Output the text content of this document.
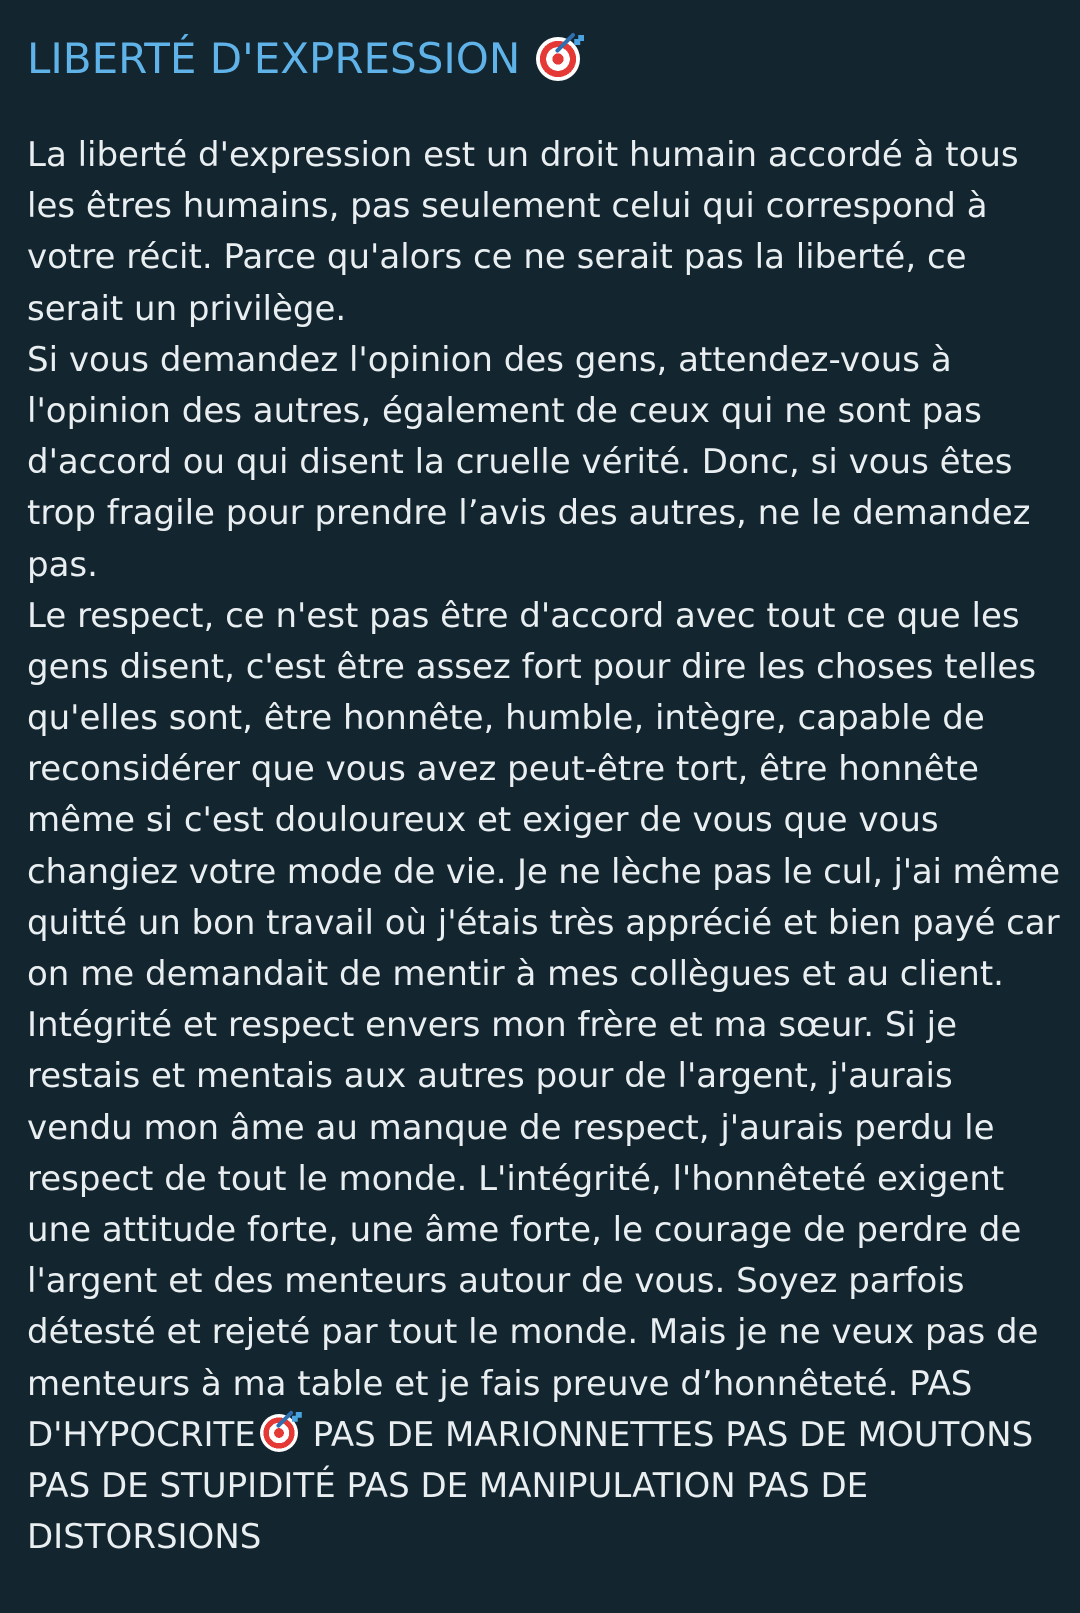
LIBERTÉ D'EXPRESSION

La liberté d'expression est un droit humain accordé à tous
les êtres humains, pas seulement celui qui correspond à
votre récit. Parce qu'alors ce ne serait pas la liberté, ce
serait un privilège.

Si vous demandez l'opinion des gens, attendez-vous à
l'opinion des autres, également de ceux qui ne sont pas
d'accord ou qui disent la cruelle vérité. Donc, si vous êtes
trop fragile pour prendre l’avis des autres, ne le demandez
pas.

Le respect, ce n'est pas être d'accord avec tout ce que les
gens disent, c'est être assez fort pour dire les choses telles
qu'elles sont, être honnête, humble, intègre, capable de
reconsidérer que vous avez peut-être tort, être honnête
même si c'est douloureux et exiger de vous que vous
changiez votre mode de vie. Je ne lèche pas le cul, j'ai même
quitté un bon travail où j'étais très apprécié et bien payé car
on me demandait de mentir à mes collègues et au client.
Intégrité et respect envers mon frère et ma sœur. Si je
restais et mentais aux autres pour de l'argent, j'aurais
vendu mon âme au manque de respect, j'aurais perdu le
respect de tout le monde. L'intégrité, l'honnêteté exigent
une attitude forte, une âme forte, le courage de perdre de
l'argent et des menteurs autour de vous. Soyez parfois
détesté et rejeté par tout le monde. Mais je ne veux pas de
menteurs à ma table et je fais preuve d’honnêteté. PAS
D'HYPOCRITE PAS DE MARIONNETTES PAS DE MOUTONS
PAS DE STUPIDITÉ PAS DE MANIPULATION PAS DE
DISTORSIONS
